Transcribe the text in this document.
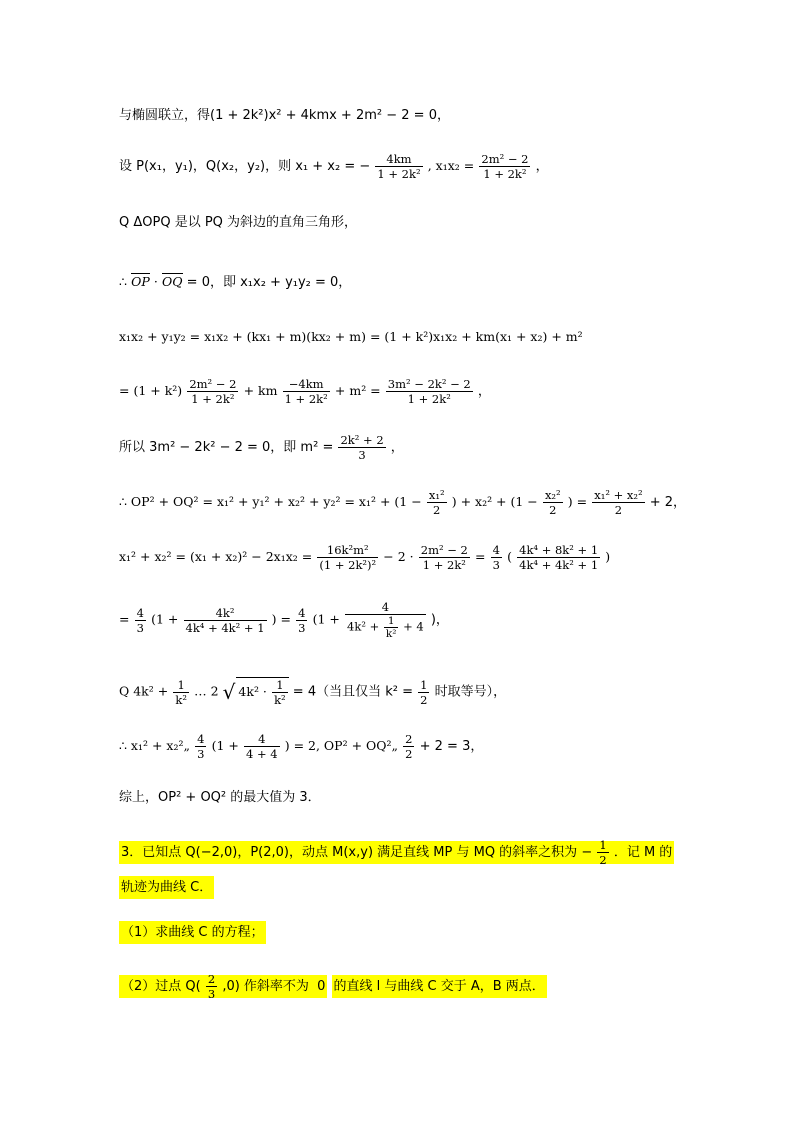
与椭圆联立，得(1 + 2k²)x² + 4kmx + 2m² − 2 = 0，
设 P(x₁，y₁)，Q(x₂，y₂)，则 x₁ + x₂ = − $\frac{4km}{\text{1 + 2k²}}$ , $x_1x_2 = \frac{\text{2m² − 2}}{\text{1 + 2k²}}$ ，
Q ΔOPQ 是以 PQ 为斜边的直角三角形，
∴ OP · OQ = 0，即 x₁x₂ + y₁y₂ = 0，
x₁x₂ + y₁y₂ = x₁x₂ + (kx₁ + m)(kx₂ + m) = (1 + k²)x₁x₂ + km(x₁ + x₂) + m²
= $(1 + k^2) \frac{\text{2m² − 2}}{\text{1 + 2k²}}$ + km $\frac{-4km}{\text{1 + 2k²}} + m^2 = \frac{\text{3m² − 2k² − 2}}{\text{1 + 2k²}}$ ，
所以 3m² − 2k² − 2 = 0，即 $m^2 = \frac{\text{2k² + 2}}{3}$ ，
∴ $OP^2 + OQ^2 = x_1^2 + y_1^2 + x_2^2 + y_2^2 = x_1^2 + (1 - \frac{\text{x₁²}}{2}$ ) + $x_2^2 + (1 - \frac{\text{x₂²}}{2}$ ) = $\frac{\text{x₁² + x₂²}}{2} + 2$，
$x_1^2 + x_2^2 = (x_1 + x_2)^2 - 2x_1x_2 = \frac{\text{16k²m²}}{\text{(1 + 2k²)²}} - 2 \cdot \frac{\text{2m² − 2}}{\text{1 + 2k²}} = \frac{4}{3}$ ( $\frac{\text{4k⁴ + 8k² + 1}}{\text{4k⁴ + 4k² + 1}}$ )
= $\frac{4}{3} (1 + \frac{\text{4k²}}{\text{4k⁴ + 4k² + 1}}$ ) = $\frac{4}{3} (1 + \frac{4}{4k^2 + \frac{1}{\text{k²}} + 4}$ )，
Q $4k^2 + \frac{1}{\text{k²}}$ … 2 √ $4k^2 \cdot \frac{1}{\text{k²}} = 4$（当且仅当 $k^2 = \frac{1}{2}$ 时取等号），
∴ x₁² + x₂²„ $\frac{4}{3} (1 + \frac{4}{4 + 4}$ ) = 2, OP² + OQ²„ $\frac{2}{2} + 2 = 3$，
综上，OP² + OQ² 的最大值为 3．
3．已知点 Q(−2,0)，P(2,0)，动点 M(x,y) 满足直线 MP 与 MQ 的斜率之积为 − $\frac{1}{2}$ ．记 M 的
轨迹为曲线 C．
（1）求曲线 C 的方程；
（2）过点 $Q( \frac{2}{3} ,0)$ 作斜率不为 0 的直线 l 与曲线 C 交于 A，B 两点．
